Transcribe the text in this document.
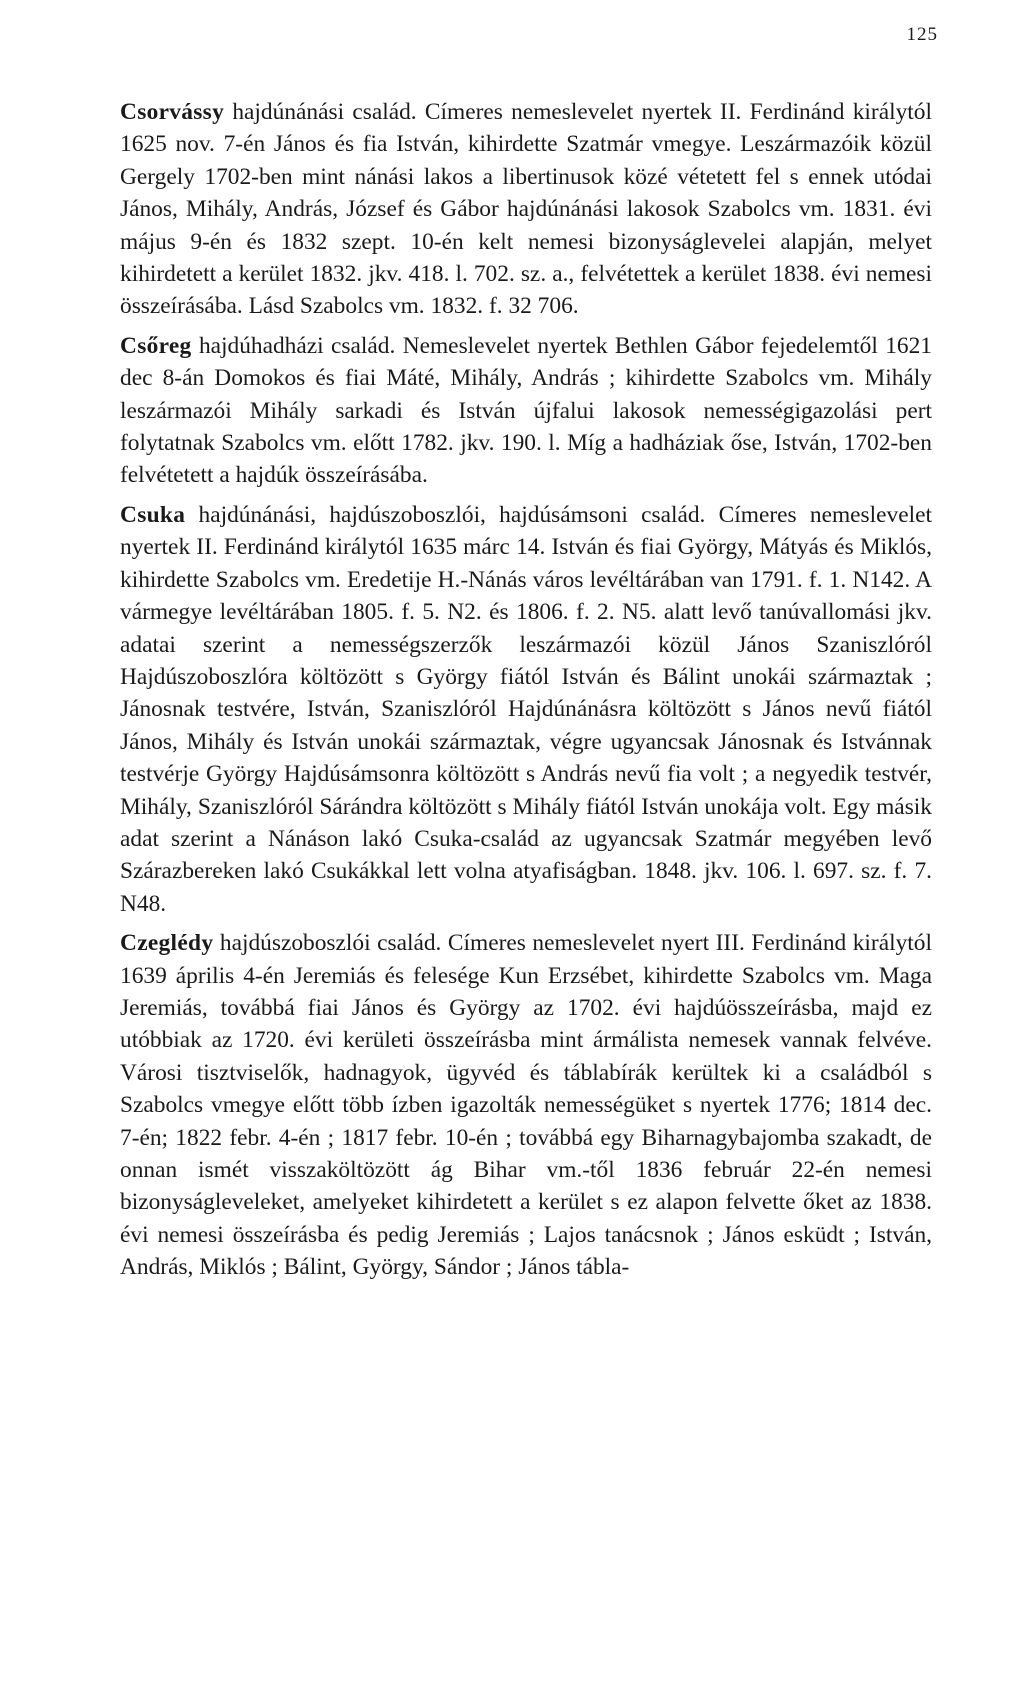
125

Csorvássy hajdúnánási család. Címeres nemeslevelet nyertek II. Ferdinánd királytól 1625 nov. 7-én János és fia István, kihirdette Szatmár vmegye. Leszármazóik közül Gergely 1702-ben mint nánási lakos a libertinusok közé vétetett fel s ennek utódai János, Mihály, András, József és Gábor hajdúnánási lakosok Szabolcs vm. 1831. évi május 9-én és 1832 szept. 10-én kelt nemesi bizonyságlevelei alapján, melyet kihirdetett a kerület 1832. jkv. 418. l. 702. sz. a., felvétettek a kerület 1838. évi nemesi összeírásába. Lásd Szabolcs vm. 1832. f. 32 706.

Csőreg hajdúhadházi család. Nemeslevelet nyertek Bethlen Gábor fejedelemtől 1621 dec 8-án Domokos és fiai Máté, Mihály, András ; kihirdette Szabolcs vm. Mihály leszármazói Mihály sarkadi és István újfalui lakosok nemességigazolási pert folytatnak Szabolcs vm. előtt 1782. jkv. 190. l. Míg a hadháziak őse, István, 1702-ben felvétetett a hajdúk összeírásába.

Csuka hajdúnánási, hajdúszoboszlói, hajdúsámsoni család. Címeres nemeslevelet nyertek II. Ferdinánd királytól 1635 márc 14. István és fiai György, Mátyás és Miklós, kihirdette Szabolcs vm. Eredetije H.-Nánás város levéltárában van 1791. f. 1. N142. A vármegye levéltárában 1805. f. 5. N2. és 1806. f. 2. N5. alatt levő tanúvallomási jkv. adatai szerint a nemességszerzők leszármazói közül János Szaniszlóról Hajdúszoboszlóra költözött s György fiától István és Bálint unokái származtak ; Jánosnak testvére, István, Szaniszlóról Hajdúnánásra költözött s János nevű fiától János, Mihály és István unokái származtak, végre ugyancsak Jánosnak és Istvánnak testvérje György Hajdúsámsonra költözött s András nevű fia volt ; a negyedik testvér, Mihály, Szaniszlóról Sárándra költözött s Mihály fiától István unokája volt. Egy másik adat szerint a Nánáson lakó Csuka-család az ugyancsak Szatmár megyében levő Szárazbereken lakó Csukákkal lett volna atyafiságban. 1848. jkv. 106. l. 697. sz. f. 7. N48.

Czeglédy hajdúszoboszlói család. Címeres nemeslevelet nyert III. Ferdinánd királytól 1639 április 4-én Jeremiás és felesége Kun Erzsébet, kihirdette Szabolcs vm. Maga Jeremiás, továbbá fiai János és György az 1702. évi hajdúösszeírásba, majd ez utóbbiak az 1720. évi kerületi összeírásba mint ármálista nemesek vannak felvéve. Városi tisztviselők, hadnagyok, ügyvéd és táblabírák kerültek ki a családból s Szabolcs vmegye előtt több ízben igazolták nemességüket s nyertek 1776; 1814 dec. 7-én; 1822 febr. 4-én ; 1817 febr. 10-én ; továbbá egy Biharnagybajomba szakadt, de onnan ismét visszaköltözött ág Bihar vm.-től 1836 február 22-én nemesi bizonyságleveleket, amelyeket kihirdetett a kerület s ez alapon felvette őket az 1838. évi nemesi összeírásba és pedig Jeremiás ; Lajos tanácsnok ; János esküdt ; István, András, Miklós ; Bálint, György, Sándor ; János tábla-
